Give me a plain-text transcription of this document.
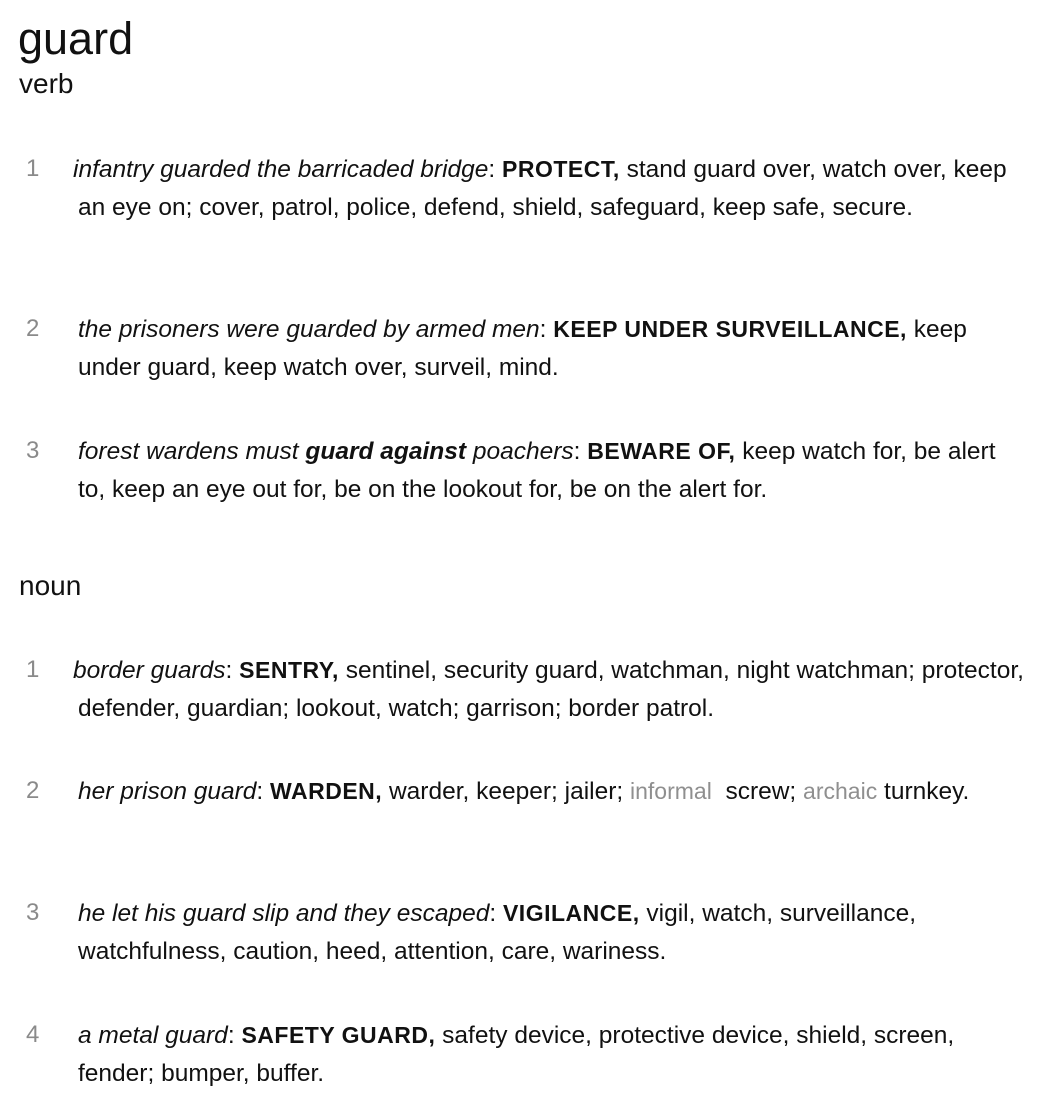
guard
verb
1	infantry guarded the barricaded bridge: PROTECT, stand guard over, watch over, keep an eye on; cover, patrol, police, defend, shield, safeguard, keep safe, secure.
2	the prisoners were guarded by armed men: KEEP UNDER SURVEILLANCE, keep under guard, keep watch over, surveil, mind.
3	forest wardens must guard against poachers: BEWARE OF, keep watch for, be alert to, keep an eye out for, be on the lookout for, be on the alert for.
noun
1	border guards: SENTRY, sentinel, security guard, watchman, night watchman; protector, defender, guardian; lookout, watch; garrison; border patrol.
2	her prison guard: WARDEN, warder, keeper; jailer; informal  screw; archaic turnkey.
3	he let his guard slip and they escaped: VIGILANCE, vigil, watch, surveillance, watchfulness, caution, heed, attention, care, wariness.
4	a metal guard: SAFETY GUARD, safety device, protective device, shield, screen, fender; bumper, buffer.
